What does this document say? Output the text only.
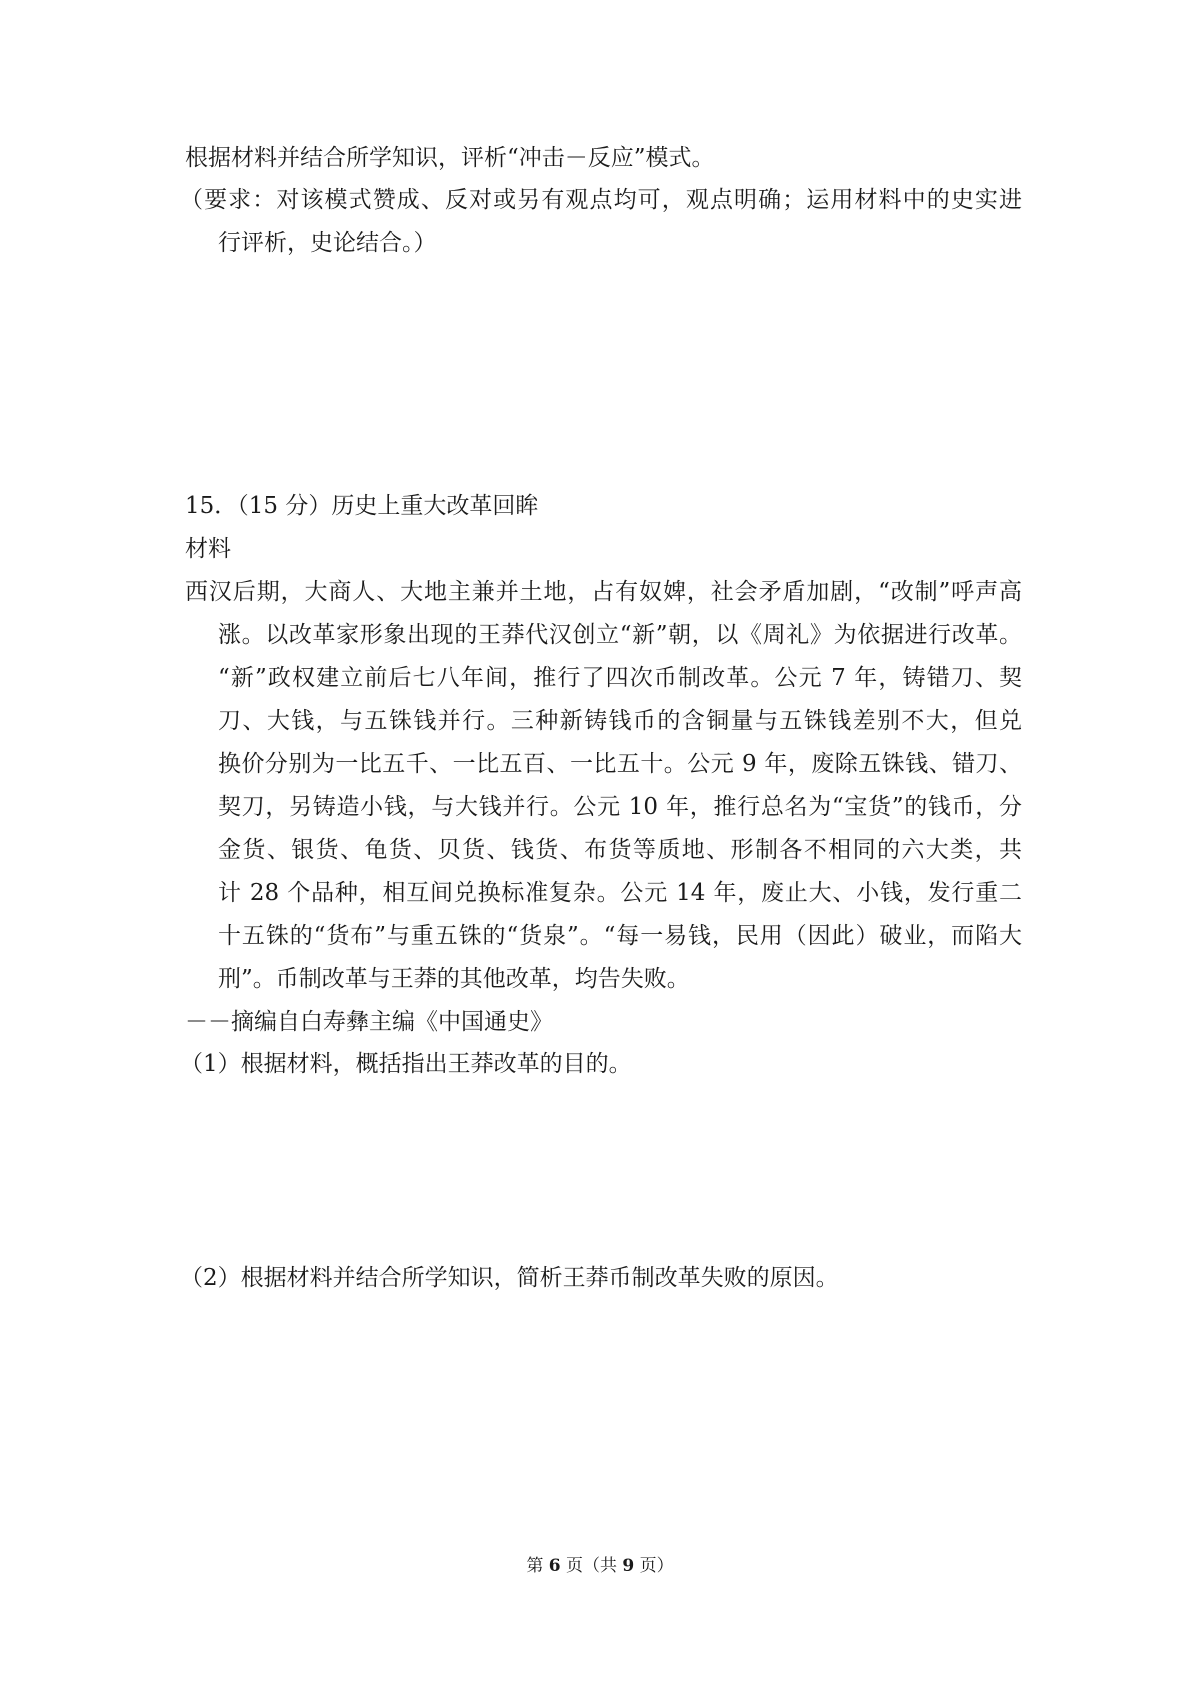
根据材料并结合所学知识，评析“冲击－反应”模式。
（要求：对该模式赞成、反对或另有观点均可，观点明确；运用材料中的史实进
行评析，史论结合。）
15．（15 分）历史上重大改革回眸
材料
西汉后期，大商人、大地主兼并土地，占有奴婢，社会矛盾加剧，“改制”呼声高
涨。以改革家形象出现的王莽代汉创立“新”朝，以《周礼》为依据进行改革。
“新”政权建立前后七八年间，推行了四次币制改革。公元 7 年，铸错刀、契
刀、大钱，与五铢钱并行。三种新铸钱币的含铜量与五铢钱差别不大，但兑
换价分别为一比五千、一比五百、一比五十。公元 9 年，废除五铢钱、错刀、
契刀，另铸造小钱，与大钱并行。公元 10 年，推行总名为“宝货”的钱币，分
金货、银货、龟货、贝货、钱货、布货等质地、形制各不相同的六大类，共
计 28 个品种，相互间兑换标准复杂。公元 14 年，废止大、小钱，发行重二
十五铢的“货布”与重五铢的“货泉”。“每一易钱，民用（因此）破业，而陷大
刑”。币制改革与王莽的其他改革，均告失败。
－－摘编自白寿彝主编《中国通史》
（1）根据材料，概括指出王莽改革的目的。
（2）根据材料并结合所学知识，简析王莽币制改革失败的原因。
第 6 页（共 9 页）
